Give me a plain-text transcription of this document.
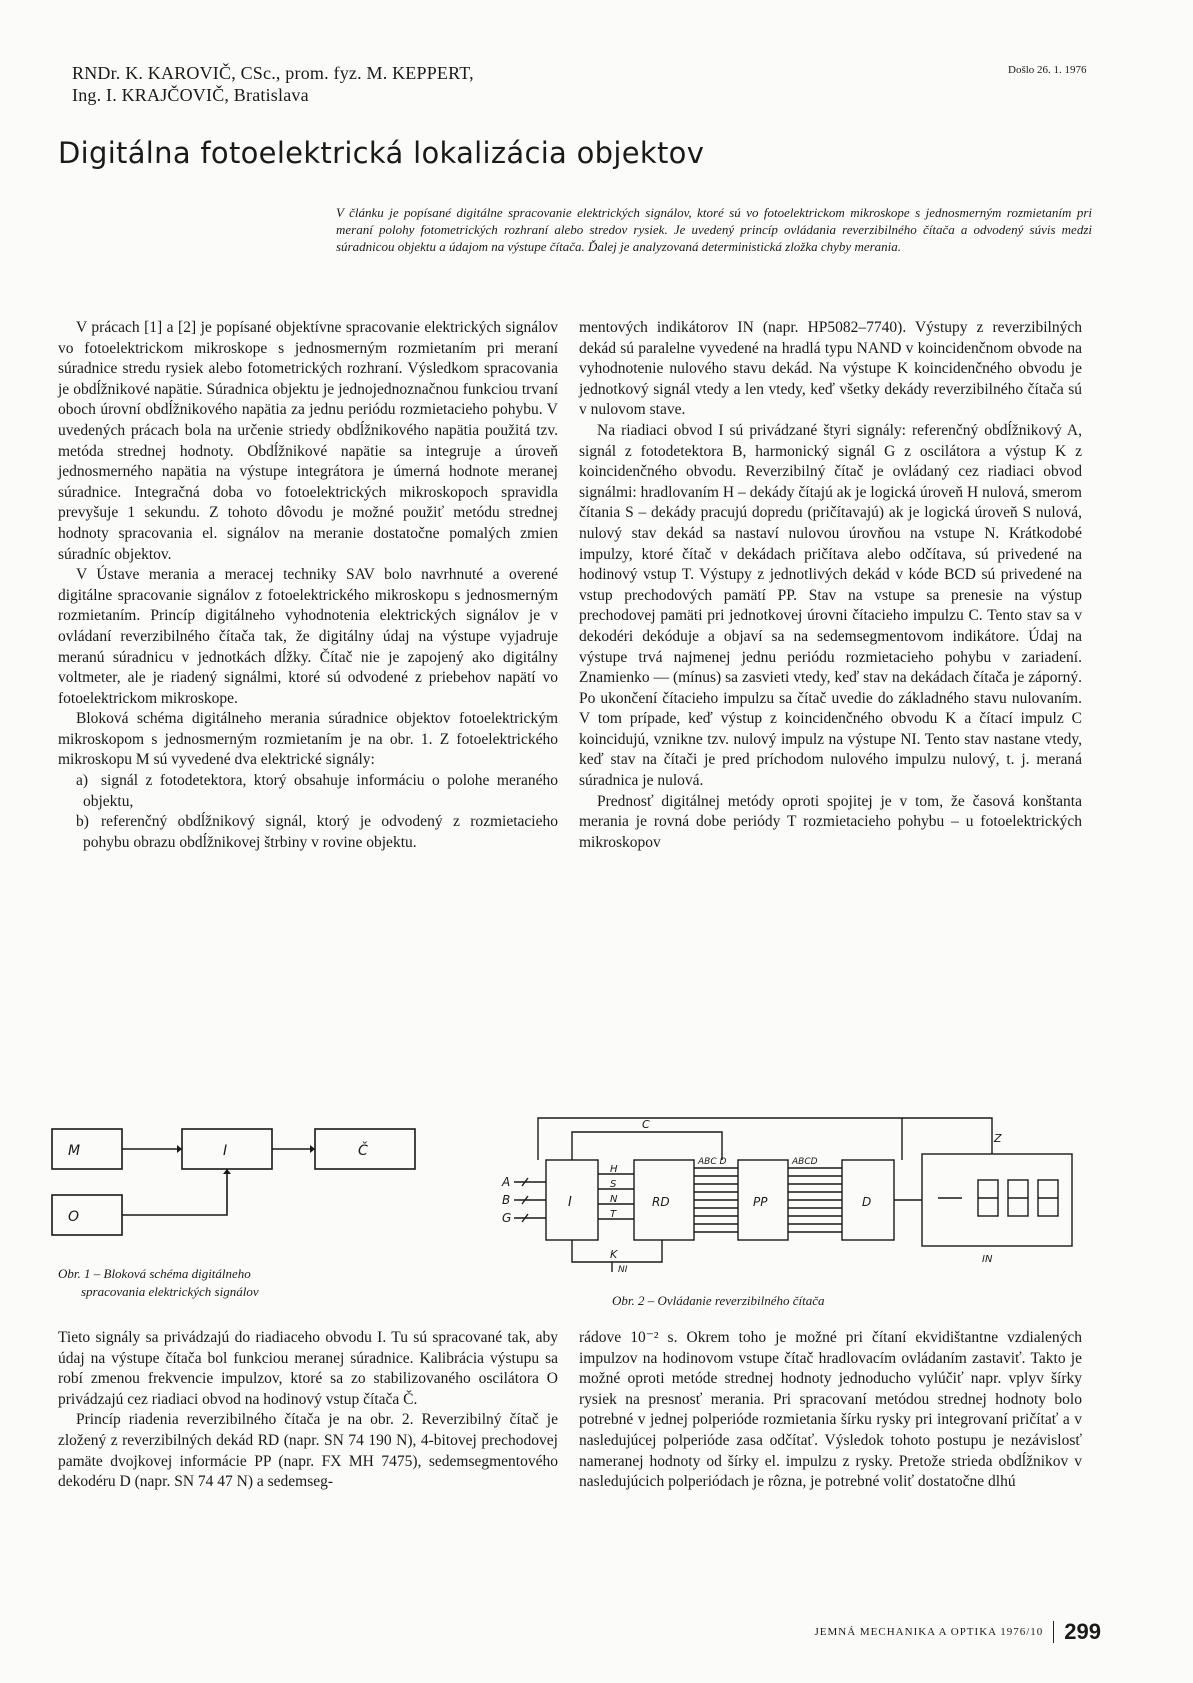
RNDr. K. KAROVIČ, CSc., prom. fyz. M. KEPPERT,
Ing. I. KRAJČOVIČ, Bratislava
Došlo 26. 1. 1976
Digitálna fotoelektrická lokalizácia objektov
V článku je popísané digitálne spracovanie elektrických signálov, ktoré sú vo fotoelektrickom mikroskope s jednosmerným rozmietaním pri meraní polohy fotometrických rozhraní alebo stredov rysiek. Je uvedený princíp ovládania reverzibilného čítača a odvodený súvis medzi súradnicou objektu a údajom na výstupe čítača. Ďalej je analyzovaná deterministická zložka chyby merania.

V prácach [1] a [2] je popísané objektívne spracovanie elektrických signálov vo fotoelektrickom mikroskope s jednosmerným rozmietaním pri meraní súradnice stredu rysiek alebo fotometrických rozhraní. Výsledkom spracovania je obdĺžnikové napätie. Súradnica objektu je jednojednoznačnou funkciou trvaní oboch úrovní obdĺžnikového napätia za jednu periódu rozmietacieho pohybu. V uvedených prácach bola na určenie striedy obdĺžnikového napätia použitá tzv. metóda strednej hodnoty. Obdĺžnikové napätie sa integruje a úroveň jednosmerného napätia na výstupe integrátora je úmerná hodnote meranej súradnice. Integračná doba vo fotoelektrických mikroskopoch spravidla prevyšuje 1 sekundu. Z tohoto dôvodu je možné použiť metódu strednej hodnoty spracovania el. signálov na meranie dostatočne pomalých zmien súradníc objektov.

V Ústave merania a meracej techniky SAV bolo navrhnuté a overené digitálne spracovanie signálov z fotoelektrického mikroskopu s jednosmerným rozmietaním. Princíp digitálneho vyhodnotenia elektrických signálov je v ovládaní reverzibilného čítača tak, že digitálny údaj na výstupe vyjadruje meranú súradnicu v jednotkách dĺžky. Čítač nie je zapojený ako digitálny voltmeter, ale je riadený signálmi, ktoré sú odvodené z priebehov napätí vo fotoelektrickom mikroskope.

Bloková schéma digitálneho merania súradnice objektov fotoelektrickým mikroskopom s jednosmerným rozmietaním je na obr. 1. Z fotoelektrického mikroskopu M sú vyvedené dva elektrické signály:

a) signál z fotodetektora, ktorý obsahuje informáciu o polohe meraného objektu,

b) referenčný obdĺžnikový signál, ktorý je odvodený z rozmietacieho pohybu obrazu obdĺžnikovej štrbiny v rovine objektu.

mentových indikátorov IN (napr. HP5082–7740). Výstupy z reverzibilných dekád sú paralelne vyvedené na hradlá typu NAND v koincidenčnom obvode na vyhodnotenie nulového stavu dekád. Na výstupe K koincidenčného obvodu je jednotkový signál vtedy a len vtedy, keď všetky dekády reverzibilného čítača sú v nulovom stave.

Na riadiaci obvod I sú privádzané štyri signály: referenčný obdĺžnikový A, signál z fotodetektora B, harmonický signál G z oscilátora a výstup K z koincidenčného obvodu. Reverzibilný čítač je ovládaný cez riadiaci obvod signálmi: hradlovaním H – dekády čítajú ak je logická úroveň H nulová, smerom čítania S – dekády pracujú dopredu (pričítavajú) ak je logická úroveň S nulová, nulový stav dekád sa nastaví nulovou úrovňou na vstupe N. Krátkodobé impulzy, ktoré čítač v dekádach pričítava alebo odčítava, sú privedené na hodinový vstup T. Výstupy z jednotlivých dekád v kóde BCD sú privedené na vstup prechodových pamätí PP. Stav na vstupe sa prenesie na výstup prechodovej pamäti pri jednotkovej úrovni čítacieho impulzu C. Tento stav sa v dekodéri dekóduje a objaví sa na sedemsegmentovom indikátore. Údaj na výstupe trvá najmenej jednu periódu rozmietacieho pohybu v zariadení. Znamienko — (mínus) sa zasvieti vtedy, keď stav na dekádach čítača je záporný. Po ukončení čítacieho impulzu sa čítač uvedie do základného stavu nulovaním. V tom prípade, keď výstup z koincidenčného obvodu K a čítací impulz C koincidujú, vznikne tzv. nulový impulz na výstupe NI. Tento stav nastane vtedy, keď stav na čítači je pred príchodom nulového impulzu nulový, t. j. meraná súradnica je nulová.

Prednosť digitálnej metódy oproti spojitej je v tom, že časová konštanta merania je rovná dobe periódy T rozmietacieho pohybu – u fotoelektrických mikroskopov

M	I	Č
O
Obr. 1 – Bloková schéma digitálneho
spracovania elektrických signálov
A
B
G
H
S
N
T
C
K
Z
NI
ABC D	ABCD
I	RD	PP	D
IN
Obr. 2 – Ovládanie reverzibilného čítača

Tieto signály sa privádzajú do riadiaceho obvodu I. Tu sú spracované tak, aby údaj na výstupe čítača bol funkciou meranej súradnice. Kalibrácia výstupu sa robí zmenou frekvencie impulzov, ktoré sa zo stabilizovaného oscilátora O privádzajú cez riadiaci obvod na hodinový vstup čítača Č.

Princíp riadenia reverzibilného čítača je na obr. 2. Reverzibilný čítač je zložený z reverzibilných dekád RD (napr. SN 74 190 N), 4-bitovej prechodovej pamäte dvojkovej informácie PP (napr. FX MH 7475), sedemsegmentového dekodéru D (napr. SN 74 47 N) a sedemseg-

rádove 10⁻² s. Okrem toho je možné pri čítaní ekvidištantne vzdialených impulzov na hodinovom vstupe čítač hradlovacím ovládaním zastaviť. Takto je možné oproti metóde strednej hodnoty jednoducho vylúčiť napr. vplyv šírky rysiek na presnosť merania. Pri spracovaní metódou strednej hodnoty bolo potrebné v jednej polperióde rozmietania šírku rysky pri integrovaní pričítať a v nasledujúcej polperióde zasa odčítať. Výsledok tohoto postupu je nezávislosť nameranej hodnoty od šírky el. impulzu z rysky. Pretože strieda obdĺžnikov v nasledujúcich polperiódach je rôzna, je potrebné voliť dostatočne dlhú

JEMNÁ MECHANIKA A OPTIKA 1976/10 299
